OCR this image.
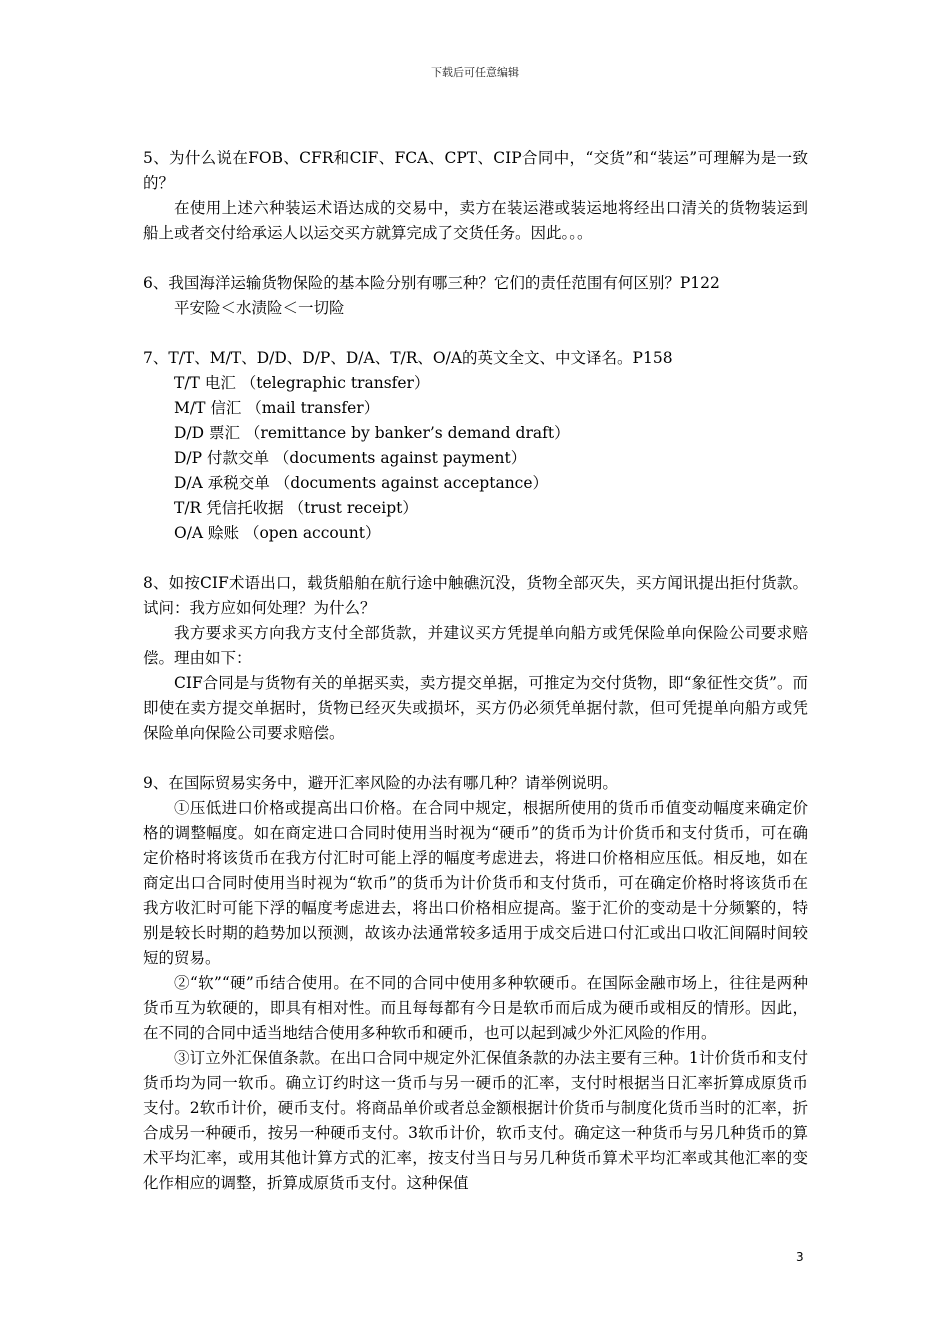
下载后可任意编辑

5、为什么说在FOB、CFR和CIF、FCA、CPT、CIP合同中，“交货”和“装运”可理解为是一致的？

在使用上述六种装运术语达成的交易中，卖方在装运港或装运地将经出口清关的货物装运到船上或者交付给承运人以运交买方就算完成了交货任务。因此。。。

6、我国海洋运输货物保险的基本险分别有哪三种？它们的责任范围有何区别？P122

平安险＜水渍险＜一切险

7、T/T、M/T、D/D、D/P、D/A、T/R、O/A的英文全文、中文译名。P158

T/T 电汇 （telegraphic transfer）

M/T 信汇 （mail transfer）

D/D 票汇 （remittance by banker’s demand draft）

D/P 付款交单 （documents against payment）

D/A 承税交单 （documents against acceptance）

T/R 凭信托收据 （trust receipt）

O/A 赊账 （open account）

8、如按CIF术语出口，载货船舶在航行途中触礁沉没，货物全部灭失，买方闻讯提出拒付货款。试问：我方应如何处理？为什么？

我方要求买方向我方支付全部货款，并建议买方凭提单向船方或凭保险单向保险公司要求赔偿。理由如下：

CIF合同是与货物有关的单据买卖，卖方提交单据，可推定为交付货物，即“象征性交货”。而即使在卖方提交单据时，货物已经灭失或损坏，买方仍必须凭单据付款，但可凭提单向船方或凭保险单向保险公司要求赔偿。

9、在国际贸易实务中，避开汇率风险的办法有哪几种？请举例说明。

①压低进口价格或提高出口价格。在合同中规定，根据所使用的货币币值变动幅度来确定价格的调整幅度。如在商定进口合同时使用当时视为“硬币”的货币为计价货币和支付货币，可在确定价格时将该货币在我方付汇时可能上浮的幅度考虑进去，将进口价格相应压低。相反地，如在商定出口合同时使用当时视为“软币”的货币为计价货币和支付货币，可在确定价格时将该货币在我方收汇时可能下浮的幅度考虑进去，将出口价格相应提高。鉴于汇价的变动是十分频繁的，特别是较长时期的趋势加以预测，故该办法通常较多适用于成交后进口付汇或出口收汇间隔时间较短的贸易。

②“软”“硬”币结合使用。在不同的合同中使用多种软硬币。在国际金融市场上，往往是两种货币互为软硬的，即具有相对性。而且每每都有今日是软币而后成为硬币或相反的情形。因此，在不同的合同中适当地结合使用多种软币和硬币，也可以起到减少外汇风险的作用。

③订立外汇保值条款。在出口合同中规定外汇保值条款的办法主要有三种。1计价货币和支付货币均为同一软币。确立订约时这一货币与另一硬币的汇率，支付时根据当日汇率折算成原货币支付。2软币计价，硬币支付。将商品单价或者总金额根据计价货币与制度化货币当时的汇率，折合成另一种硬币，按另一种硬币支付。3软币计价，软币支付。确定这一种货币与另几种货币的算术平均汇率，或用其他计算方式的汇率，按支付当日与另几种货币算术平均汇率或其他汇率的变化作相应的调整，折算成原货币支付。这种保值

3
